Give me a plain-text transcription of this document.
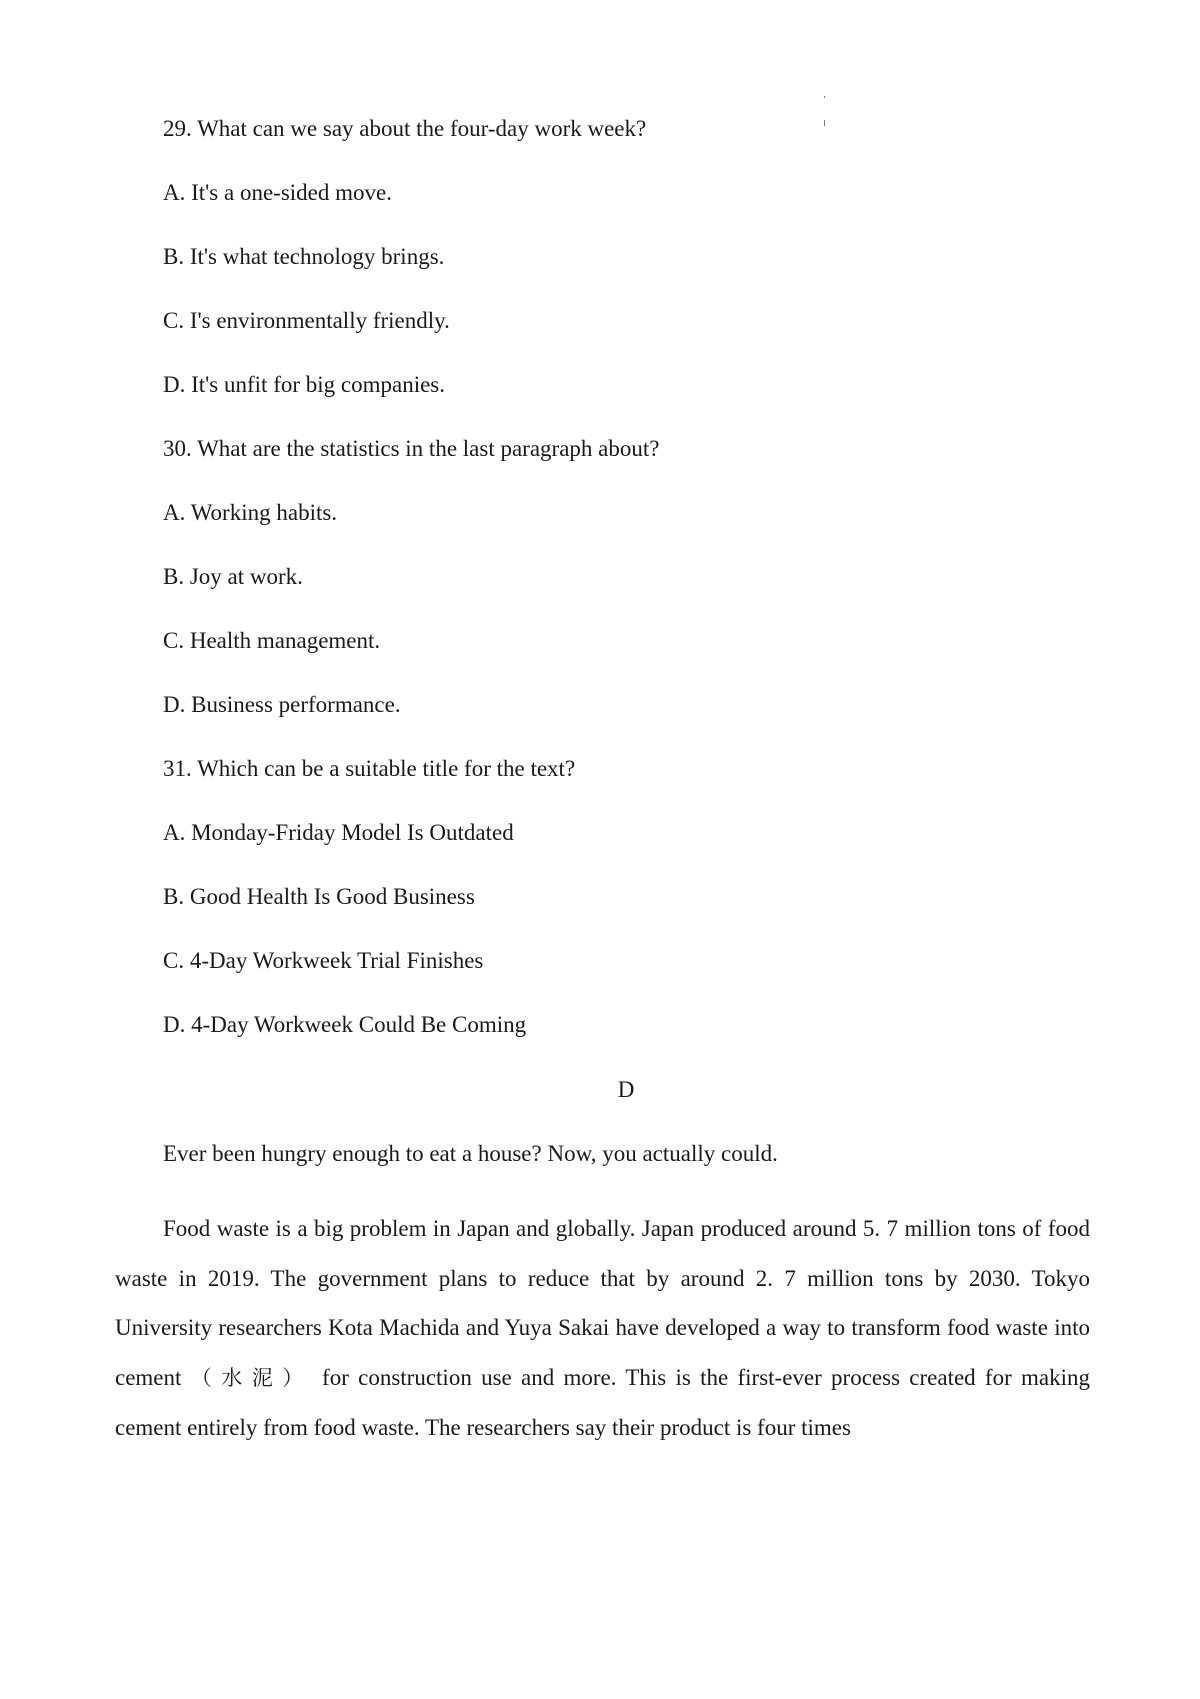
29. What can we say about the four-day work week?
A. It's a one-sided move.
B. It's what technology brings.
C. I's environmentally friendly.
D. It's unfit for big companies.
30. What are the statistics in the last paragraph about?
A. Working habits.
B. Joy at work.
C. Health management.
D. Business performance.
31. Which can be a suitable title for the text?
A. Monday-Friday Model Is Outdated
B. Good Health Is Good Business
C. 4-Day Workweek Trial Finishes
D. 4-Day Workweek Could Be Coming
D
Ever been hungry enough to eat a house? Now, you actually could.
Food waste is a big problem in Japan and globally. Japan produced around 5. 7 million tons of food waste in 2019. The government plans to reduce that by around 2. 7 million tons by 2030. Tokyo University researchers Kota Machida and Yuya Sakai have developed a way to transform food waste into cement （水泥） for construction use and more. This is the first-ever process created for making cement entirely from food waste. The researchers say their product is four times
